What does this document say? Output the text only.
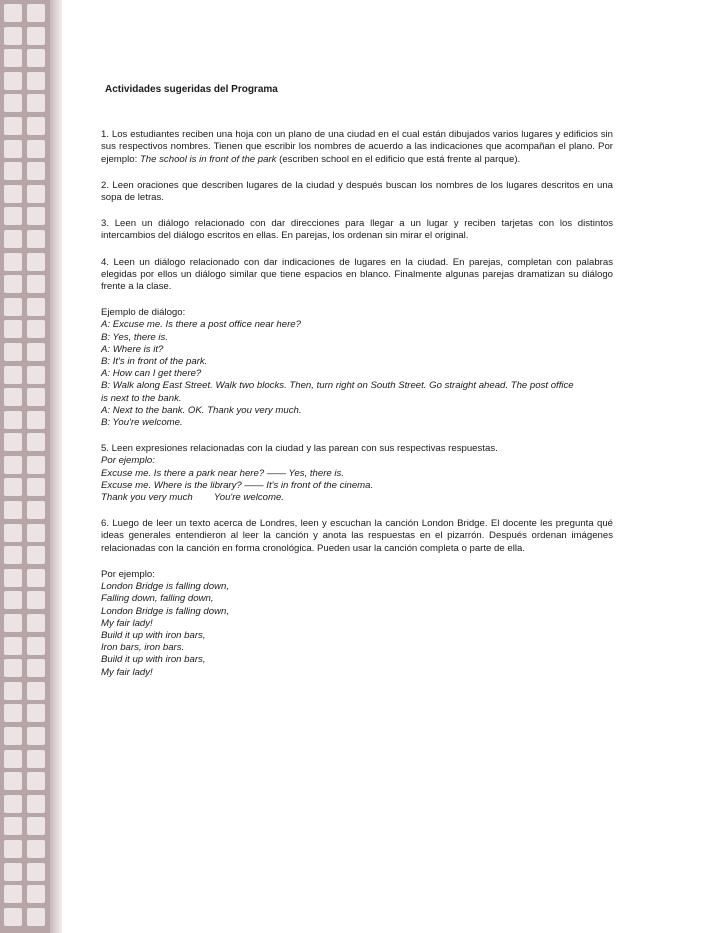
Actividades sugeridas del Programa

1. Los estudiantes reciben una hoja con un plano de una ciudad en el cual están dibujados varios lugares y edificios sin sus respectivos nombres. Tienen que escribir los nombres de acuerdo a las indicaciones que acompañan el plano. Por ejemplo: The school is in front of the park (escriben school en el edificio que está frente al parque).

2. Leen oraciones que describen lugares de la ciudad y después buscan los nombres de los lugares descritos en una sopa de letras.

3. Leen un diálogo relacionado con dar direcciones para llegar a un lugar y reciben tarjetas con los distintos intercambios del diálogo escritos en ellas. En parejas, los ordenan sin mirar el original.

4. Leen un diálogo relacionado con dar indicaciones de lugares en la ciudad. En parejas, completan con palabras elegidas por ellos un diálogo similar que tiene espacios en blanco. Finalmente algunas parejas dramatizan su diálogo frente a la clase.

Ejemplo de diálogo:
A: Excuse me. Is there a post office near here?
B: Yes, there is.
A: Where is it?
B: It's in front of the park.
A: How can I get there?
B: Walk along East Street. Walk two blocks. Then, turn right on South Street. Go straight ahead. The post office
is next to the bank.
A: Next to the bank. OK. Thank you very much.
B: You're welcome.
5. Leen expresiones relacionadas con la ciudad y las parean con sus respectivas respuestas.
Por ejemplo:
Excuse me. Is there a park near here? —— Yes, there is.
Excuse me. Where is the library? —— It's in front of the cinema.
Thank you very much        You're welcome.

6. Luego de leer un texto acerca de Londres, leen y escuchan la canción London Bridge. El docente les pregunta qué ideas generales entendieron al leer la canción y anota las respuestas en el pizarrón. Después ordenan imágenes relacionadas con la canción en forma cronológica. Pueden usar la canción completa o parte de ella.

Por ejemplo:
London Bridge is falling down,
Falling down, falling down,
London Bridge is falling down,
My fair lady!
Build it up with iron bars,
Iron bars, iron bars.
Build it up with iron bars,
My fair lady!
